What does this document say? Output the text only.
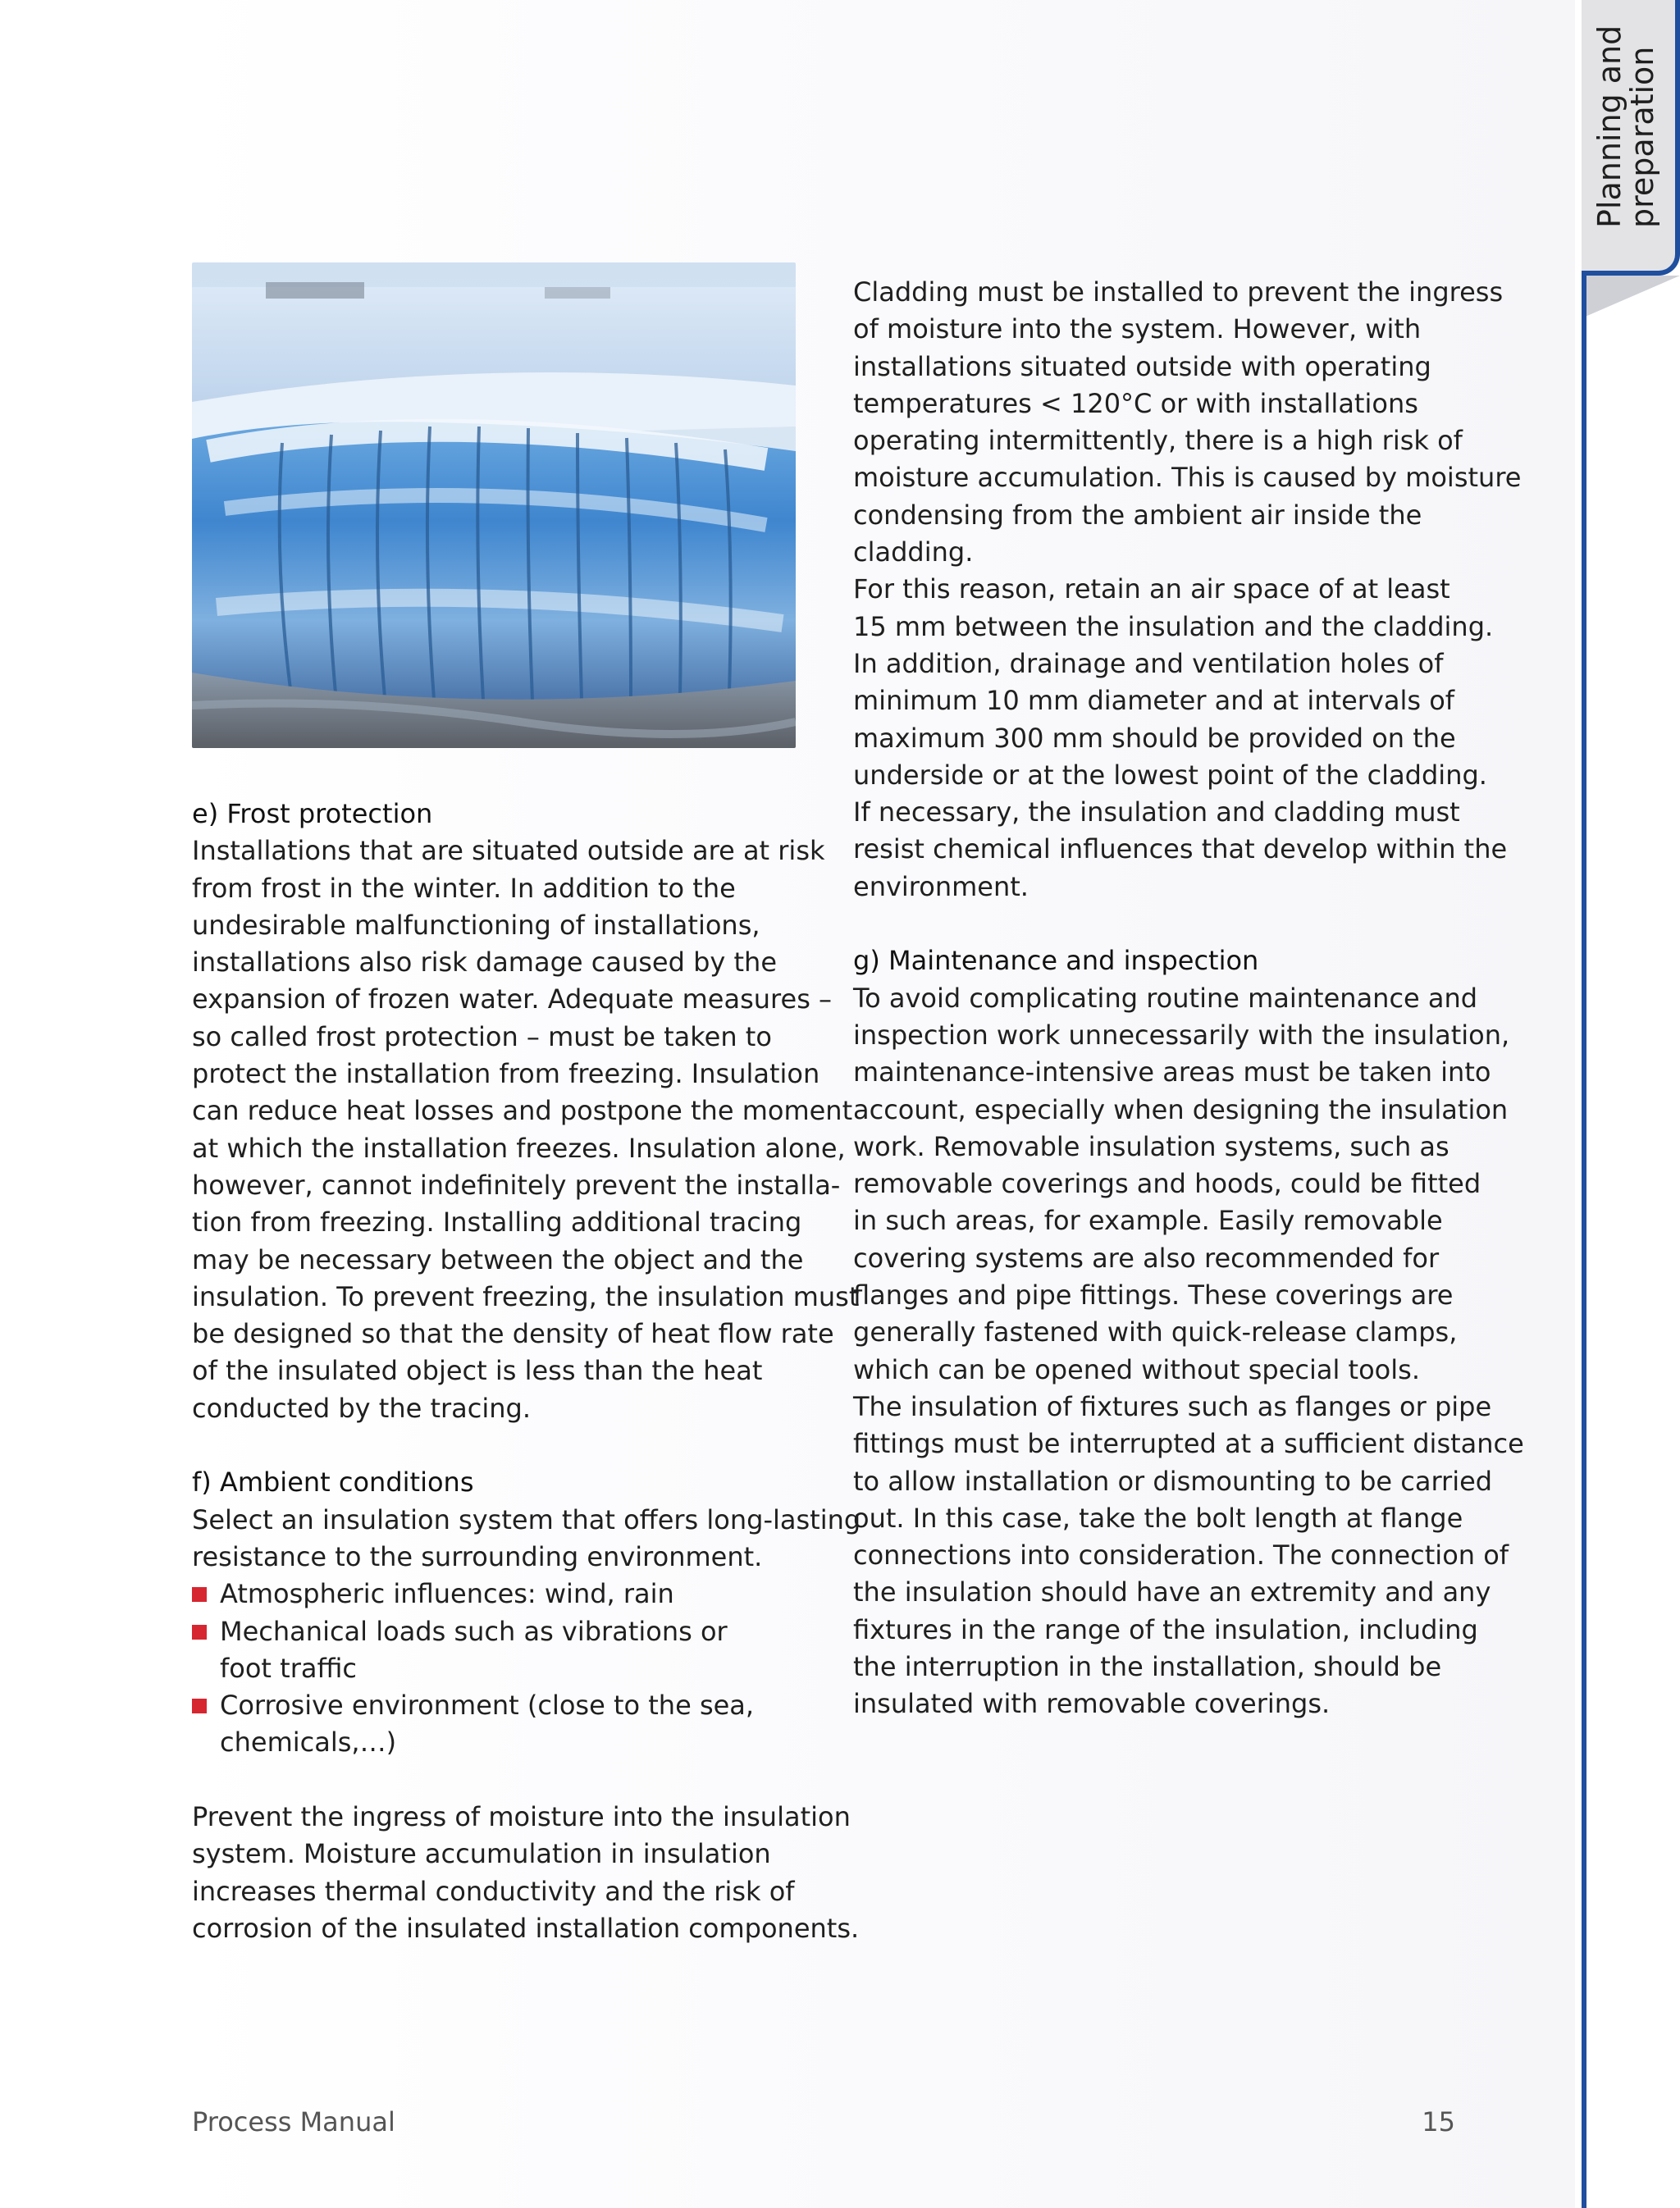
Planning and
preparation

e) Frost protection

Installations that are situated outside are at risk

from frost in the winter. In addition to the

undesirable malfunctioning of installations,

installations also risk damage caused by the

expansion of frozen water. Adequate measures –

so called frost protection – must be taken to

protect the installation from freezing. Insulation

can reduce heat losses and postpone the moment

at which the installation freezes. Insulation alone,

however, cannot indefinitely prevent the installa-

tion from freezing. Installing additional tracing

may be necessary between the object and the

insulation. To prevent freezing, the insulation must

be designed so that the density of heat flow rate

of the insulated object is less than the heat

conducted by the tracing.

f) Ambient conditions

Select an insulation system that offers long-lasting

resistance to the surrounding environment.

Atmospheric influences: wind, rain

Mechanical loads such as vibrations or

foot traffic

Corrosive environment (close to the sea,

chemicals,…)

Prevent the ingress of moisture into the insulation

system. Moisture accumulation in insulation

increases thermal conductivity and the risk of

corrosion of the insulated installation components.

Cladding must be installed to prevent the ingress

of moisture into the system. However, with

installations situated outside with operating

temperatures < 120°C or with installations

operating intermittently, there is a high risk of

moisture accumulation. This is caused by moisture

condensing from the ambient air inside the

cladding.

For this reason, retain an air space of at least

15 mm between the insulation and the cladding.

In addition, drainage and ventilation holes of

minimum 10 mm diameter and at intervals of

maximum 300 mm should be provided on the

underside or at the lowest point of the cladding.

If necessary, the insulation and cladding must

resist chemical influences that develop within the

environment.

g) Maintenance and inspection

To avoid complicating routine maintenance and

inspection work unnecessarily with the insulation,

maintenance-intensive areas must be taken into

account, especially when designing the insulation

work. Removable insulation systems, such as

removable coverings and hoods, could be fitted

in such areas, for example. Easily removable

covering systems are also recommended for

flanges and pipe fittings. These coverings are

generally fastened with quick-release clamps,

which can be opened without special tools.

The insulation of fixtures such as flanges or pipe

fittings must be interrupted at a sufficient distance

to allow installation or dismounting to be carried

out. In this case, take the bolt length at flange

connections into consideration. The connection of

the insulation should have an extremity and any

fixtures in the range of the insulation, including

the interruption in the installation, should be

insulated with removable coverings.

Process Manual	15
